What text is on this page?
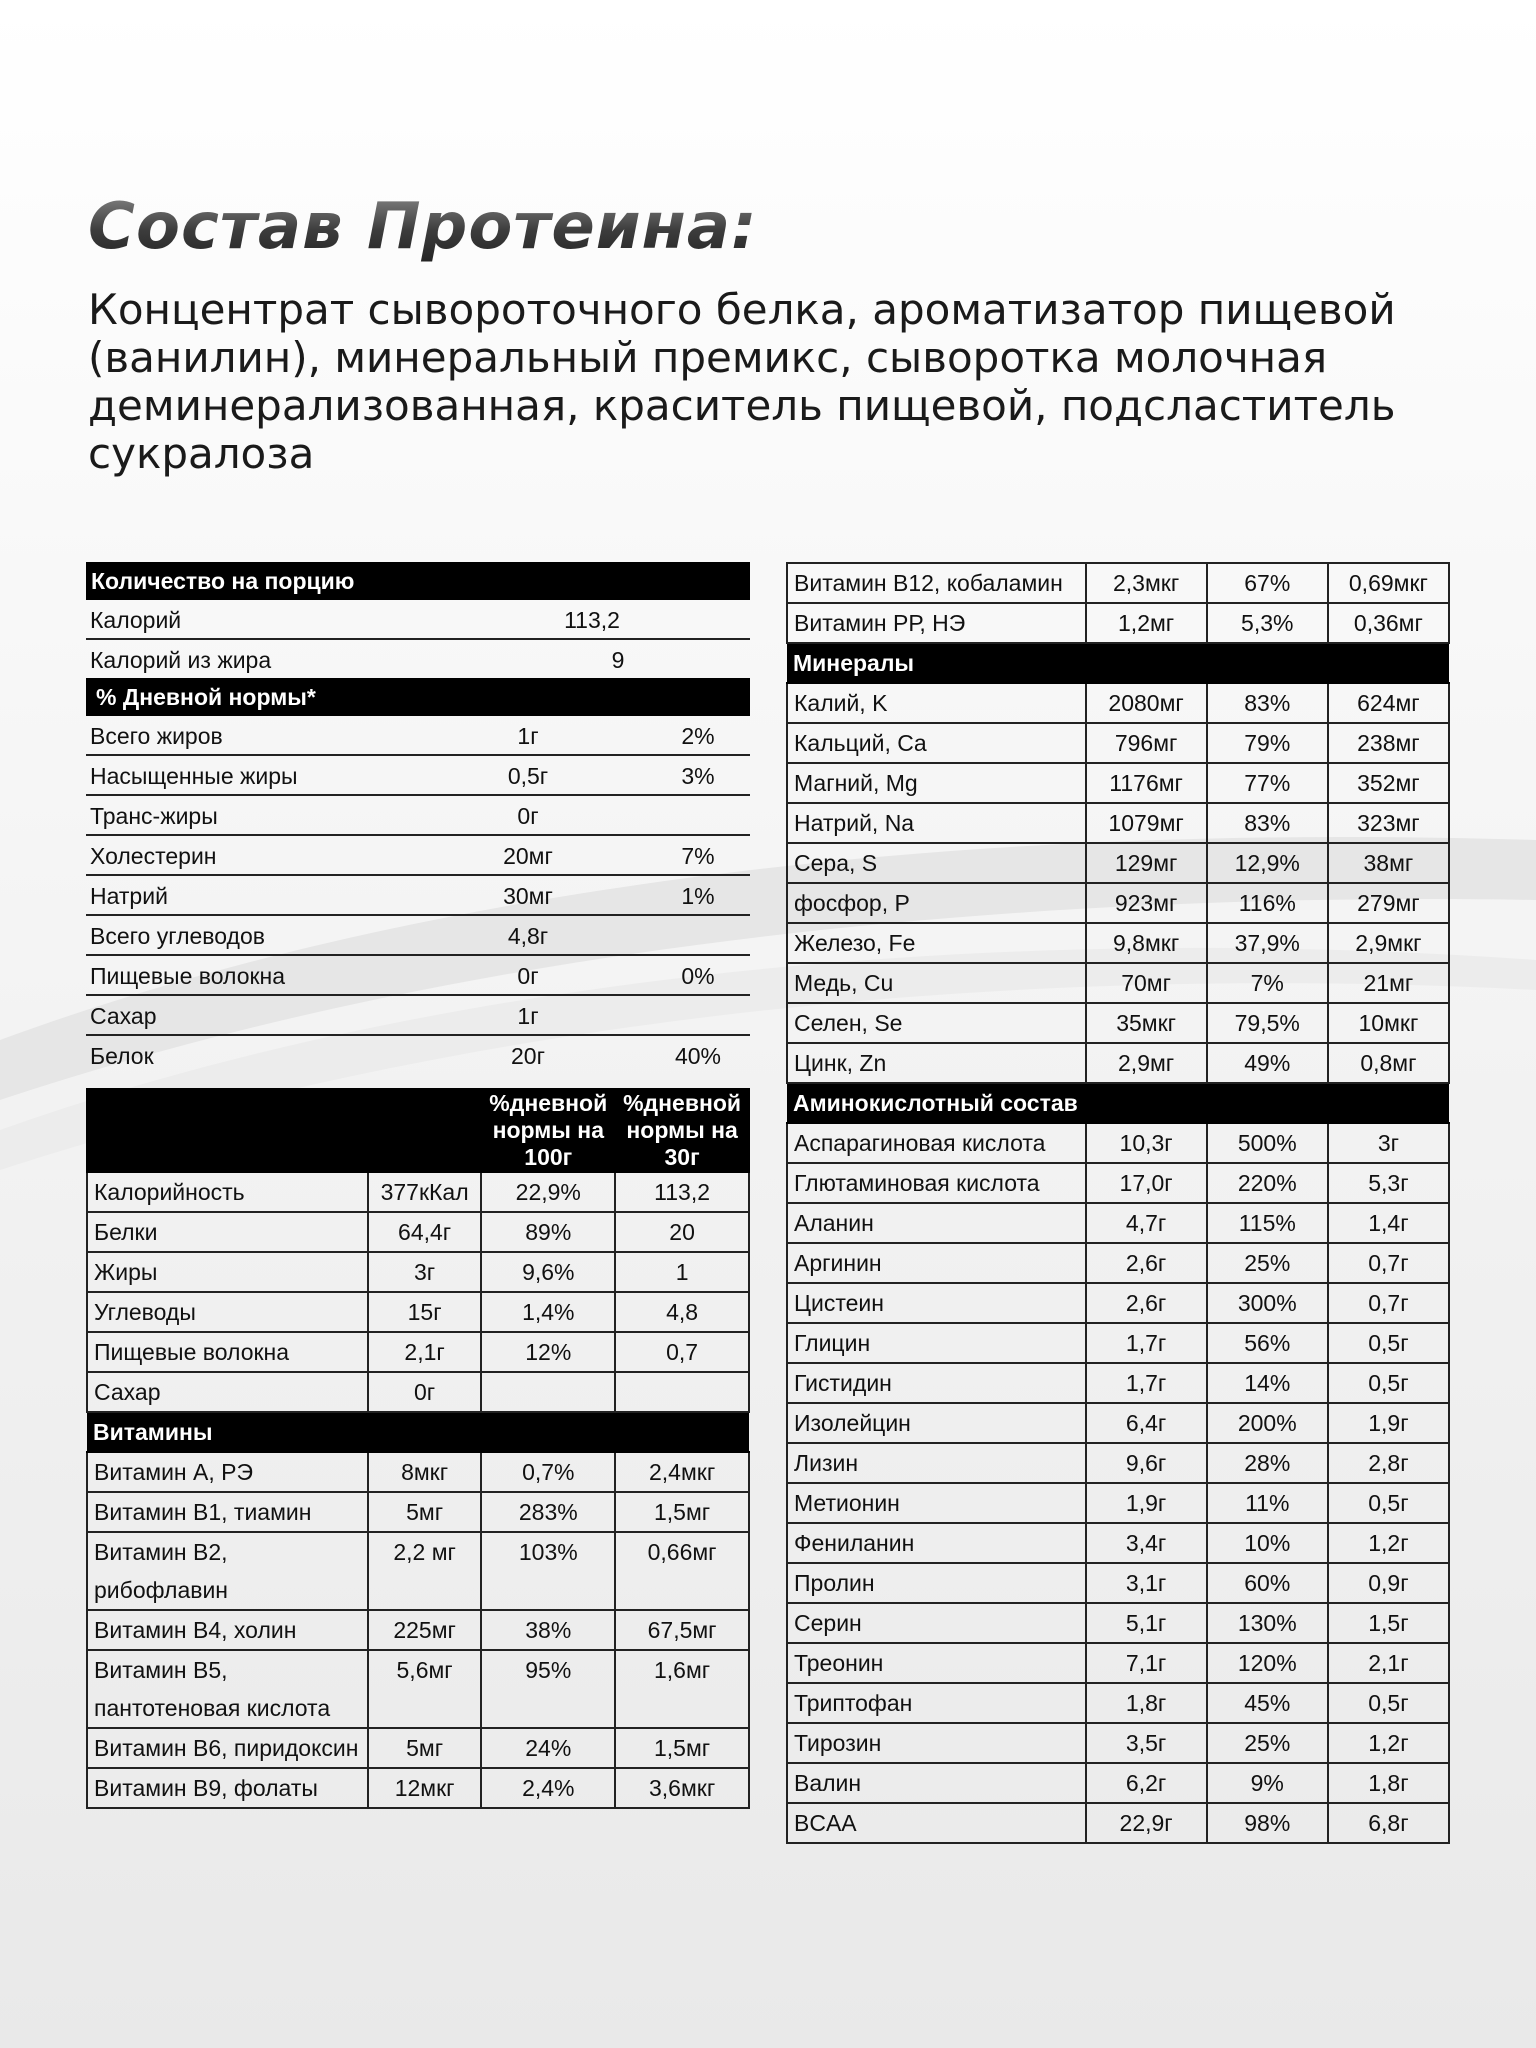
Состав Протеина:

Концентрат сывороточного белка, ароматизатор пищевой (ванилин), минеральный премикс, сыворотка молочная деминерализованная, краситель пищевой, подсластитель сукралоза

Количество на порцию
Калорий	113,2
Калорий из жира	9
% Дневной нормы*
Всего жиров	1г	2%
Насыщенные жиры	0,5г	3%
Транс-жиры	0г
Холестерин	20мг	7%
Натрий	30мг	1%
Всего углеводов	4,8г
Пищевые волокна	0г	0%
Сахар	1г
Белок	20г	40%
		%дневной нормы на 100г	%дневной нормы на 30г
Калорийность	377кКал	22,9%	113,2
Белки	64,4г	89%	20
Жиры	3г	9,6%	1
Углеводы	15г	1,4%	4,8
Пищевые волокна	2,1г	12%	0,7
Сахар	0г		
Витамины			
Витамин А, РЭ	8мкг	0,7%	2,4мкг
Витамин В1, тиамин	5мг	283%	1,5мг
Витамин В2, рибофлавин	2,2 мг	103%	0,66мг
Витамин В4, холин	225мг	38%	67,5мг
Витамин В5, пантотеновая кислота	5,6мг	95%	1,6мг
Витамин В6, пиридоксин	5мг	24%	1,5мг
Витамин В9, фолаты	12мкг	2,4%	3,6мкг
Витамин В12, кобаламин	2,3мкг	67%	0,69мкг
Витамин РР, НЭ	1,2мг	5,3%	0,36мг
Минералы			
Калий, K	2080мг	83%	624мг
Кальций, Ca	796мг	79%	238мг
Магний, Mg	1176мг	77%	352мг
Натрий, Na	1079мг	83%	323мг
Сера, S	129мг	12,9%	38мг
фосфор, P	923мг	116%	279мг
Железо, Fe	9,8мкг	37,9%	2,9мкг
Медь, Cu	70мг	7%	21мг
Селен, Se	35мкг	79,5%	10мкг
Цинк, Zn	2,9мг	49%	0,8мг
Аминокислотный состав			
Аспарагиновая кислота	10,3г	500%	3г
Глютаминовая кислота	17,0г	220%	5,3г
Аланин	4,7г	115%	1,4г
Аргинин	2,6г	25%	0,7г
Цистеин	2,6г	300%	0,7г
Глицин	1,7г	56%	0,5г
Гистидин	1,7г	14%	0,5г
Изолейцин	6,4г	200%	1,9г
Лизин	9,6г	28%	2,8г
Метионин	1,9г	11%	0,5г
Фениланин	3,4г	10%	1,2г
Пролин	3,1г	60%	0,9г
Серин	5,1г	130%	1,5г
Треонин	7,1г	120%	2,1г
Триптофан	1,8г	45%	0,5г
Тирозин	3,5г	25%	1,2г
Валин	6,2г	9%	1,8г
BCAA	22,9г	98%	6,8г
